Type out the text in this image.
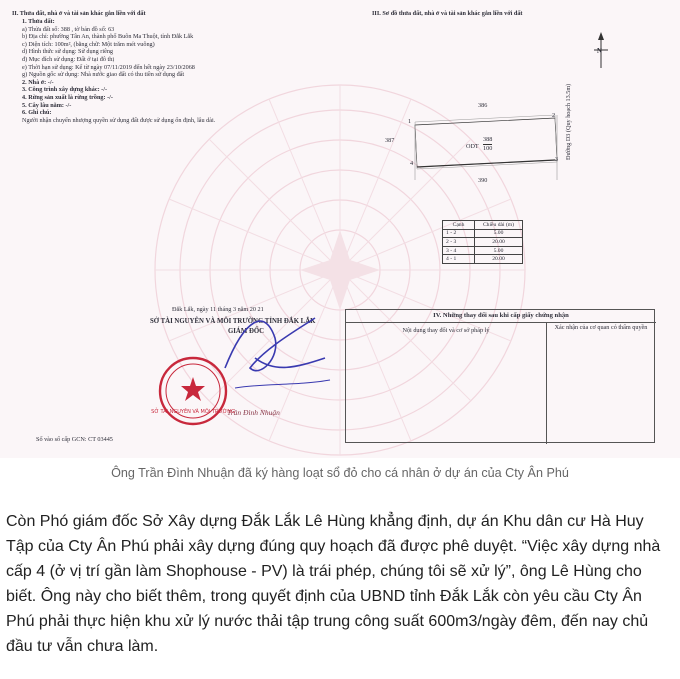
II. Thửa đất, nhà ở và tài sản khác gắn liền với đất	III. Sơ đồ thửa đất, nhà ở và tài sản khác gắn liền với đất
1. Thửa đất:
a) Thửa đất số: 388 , tờ bản đồ số: 63
b) Địa chỉ: phường Tân An, thành phố Buôn Ma Thuột, tỉnh Đắk Lắk
c) Diện tích: 100m², (bằng chữ: Một trăm mét vuông)
d) Hình thức sử dụng: Sử dụng riêng
đ) Mục đích sử dụng: Đất ở tại đô thị
e) Thời hạn sử dụng: Kể từ ngày 07/11/2019 đến hết ngày 23/10/2068
g) Nguồn gốc sử dụng: Nhà nước giao đất có thu tiền sử dụng đất
2. Nhà ở: -/-
3. Công trình xây dựng khác: -/-
4. Rừng sản xuất là rừng trồng: -/-
5. Cây lâu năm: -/-
6. Ghi chú:
Người nhận chuyển nhượng quyền sử dụng đất được sử dụng ổn định, lâu dài.
N
386
387
ODT
388
100
390
1
2
3
4
Đường D3 (Quy hoạch 13.5m)
Cạnh	Chiều dài (m)
1 - 2	5.00
2 - 3	20.00
3 - 4	5.00
4 - 1	20.00
Đắk Lắk, ngày 11 tháng 3 năm 20 21
SỞ TÀI NGUYÊN VÀ MÔI TRƯỜNG TỈNH ĐẮK LẮK
GIÁM ĐỐC
Trần Đình Nhuận
SỞ TÀI NGUYÊN VÀ MÔI TRƯỜNG
Số vào sổ cấp GCN: CT 03445
IV. Những thay đổi sau khi cấp giấy chứng nhận
Nội dung thay đổi và cơ sở pháp lý	Xác nhận của cơ quan có thẩm quyền
Ông Trần Đình Nhuận đã ký hàng loạt sổ đỏ cho cá nhân ở dự án của Cty Ân Phú

Còn Phó giám đốc Sở Xây dựng Đắk Lắk Lê Hùng khẳng định, dự án Khu dân cư Hà Huy Tập của Cty Ân Phú phải xây dựng đúng quy hoạch đã được phê duyệt. “Việc xây dựng nhà cấp 4 (ở vị trí gần làm Shophouse - PV) là trái phép, chúng tôi sẽ xử lý”, ông Lê Hùng cho biết. Ông này cho biết thêm, trong quyết định của UBND tỉnh Đắk Lắk còn yêu cầu Cty Ân Phú phải thực hiện khu xử lý nước thải tập trung công suất 600m3/ngày đêm, đến nay chủ đầu tư vẫn chưa làm.
